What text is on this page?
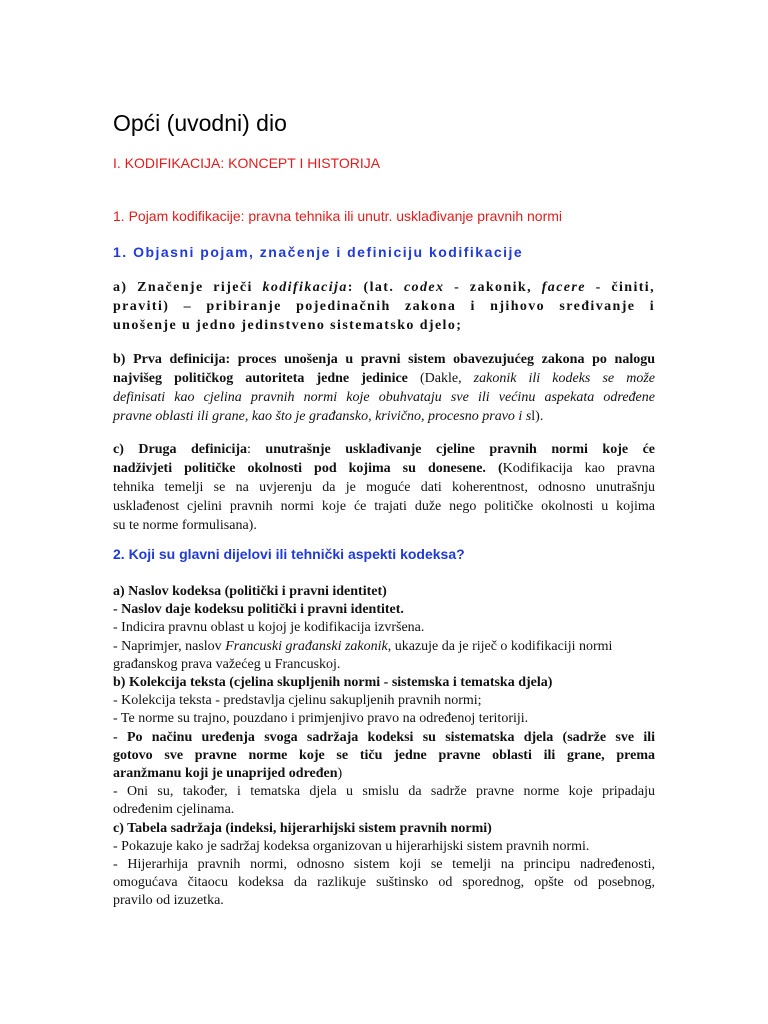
Opći (uvodni) dio
I. KODIFIKACIJA: KONCEPT I HISTORIJA
1. Pojam kodifikacije: pravna tehnika ili unutr. usklađivanje pravnih normi
1. Objasni pojam, značenje i definiciju kodifikacije

a) Značenje riječi kodifikacija: (lat. codex - zakonik, facere - činiti,
praviti) – pribiranje pojedinačnih zakona i njihovo sređivanje i
unošenje u jedno jedinstveno sistematsko djelo;

b) Prva definicija: proces unošenja u pravni sistem obavezujućeg zakona po nalogu
najvišeg političkog autoriteta jedne jedinice (Dakle, zakonik ili kodeks se može
definisati kao cjelina pravnih normi koje obuhvataju sve ili većinu aspekata određene
pravne oblasti ili grane, kao što je građansko, krivično, procesno pravo i sl).

c) Druga definicija: unutrašnje usklađivanje cjeline pravnih normi koje će
nadživjeti političke okolnosti pod kojima su donesene. (Kodifikacija kao pravna
tehnika temelji se na uvjerenju da je moguće dati koherentnost, odnosno unutrašnju
usklađenost cjelini pravnih normi koje će trajati duže nego političke okolnosti u kojima
su te norme formulisana).

2. Koji su glavni dijelovi ili tehnički aspekti kodeksa?
a) Naslov kodeksa (politički i pravni identitet)
- Naslov daje kodeksu politički i pravni identitet.
- Indicira pravnu oblast u kojoj je kodifikacija izvršena.
- Naprimjer, naslov Francuski građanski zakonik, ukazuje da je riječ o kodifikaciji normi
građanskog prava važećeg u Francuskoj.
b) Kolekcija teksta (cjelina skupljenih normi - sistemska i tematska djela)
- Kolekcija teksta - predstavlja cjelinu sakupljenih pravnih normi;
- Te norme su trajno, pouzdano i primjenjivo pravo na određenoj teritoriji.
- Po načinu uređenja svoga sadržaja kodeksi su sistematska djela (sadrže sve ili
gotovo sve pravne norme koje se tiču jedne pravne oblasti ili grane, prema
aranžmanu koji je unaprijed određen)
- Oni su, također, i tematska djela u smislu da sadrže pravne norme koje pripadaju
određenim cjelinama.
c) Tabela sadržaja (indeksi, hijerarhijski sistem pravnih normi)
- Pokazuje kako je sadržaj kodeksa organizovan u hijerarhijski sistem pravnih normi.
- Hijerarhija pravnih normi, odnosno sistem koji se temelji na principu nadređenosti,
omogućava čitaocu kodeksa da razlikuje suštinsko od sporednog, opšte od posebnog,
pravilo od izuzetka.
